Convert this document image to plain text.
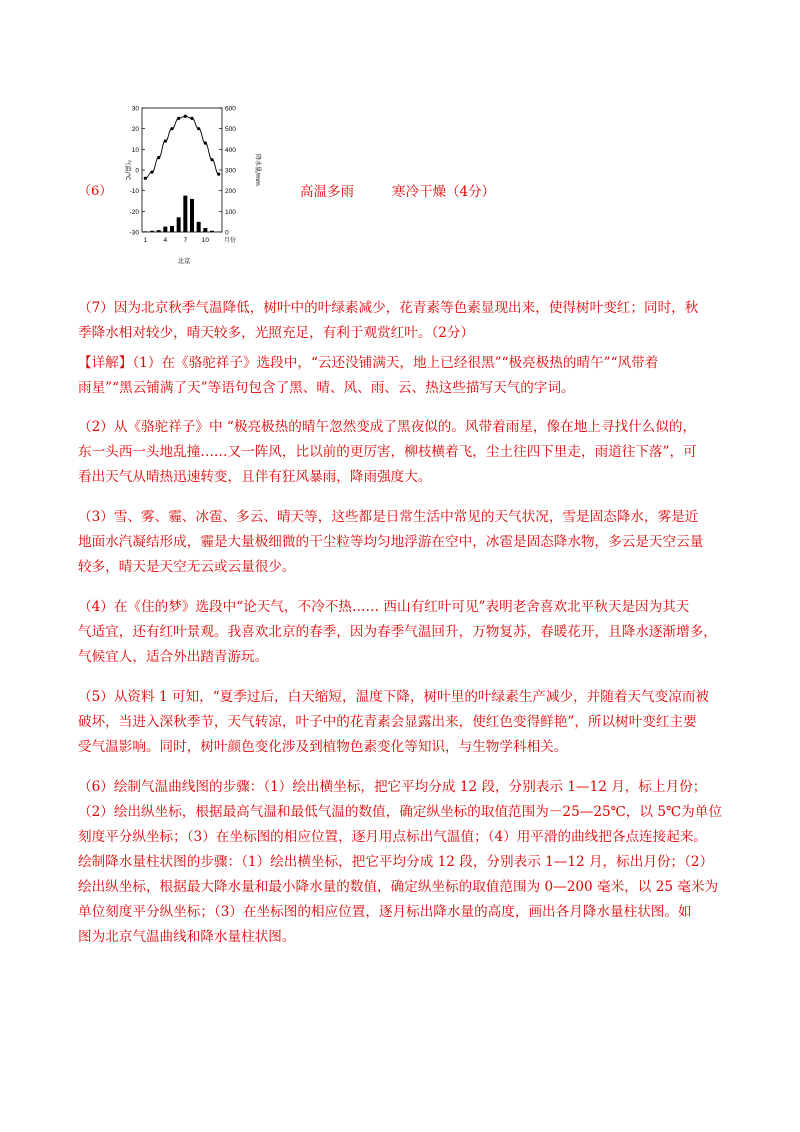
（6）
30
20
10
0
-10
-20
-30
600
500
400
300
200
100
0
气温/℃	降水量/mm
1	4	7 10	月份
北京
高温多雨	寒冷干燥（4分）
（7）因为北京秋季气温降低，树叶中的叶绿素减少，花青素等色素显现出来，使得树叶变红；同时，秋
季降水相对较少，晴天较多，光照充足，有利于观赏红叶。（2分）
【详解】（1）在《骆驼祥子》选段中，“云还没铺满天，地上已经很黑”“极亮极热的晴午”“风带着
雨星”“黑云铺满了天”等语句包含了黑、晴、风、雨、云、热这些描写天气的字词。
（2）从《骆驼祥子》中 “极亮极热的晴午忽然变成了黑夜似的。风带着雨星，像在地上寻找什么似的，
东一头西一头地乱撞……又一阵风，比以前的更厉害，柳枝横着飞，尘土往四下里走，雨道往下落”，可
看出天气从晴热迅速转变，且伴有狂风暴雨，降雨强度大。
（3）雪、雾、霾、冰雹、多云、晴天等，这些都是日常生活中常见的天气状况，雪是固态降水，雾是近
地面水汽凝结形成，霾是大量极细微的干尘粒等均匀地浮游在空中，冰雹是固态降水物，多云是天空云量
较多，晴天是天空无云或云量很少。
（4）在《住的梦》选段中“论天气，不冷不热…… 西山有红叶可见”表明老舍喜欢北平秋天是因为其天
气适宜，还有红叶景观。我喜欢北京的春季，因为春季气温回升，万物复苏，春暖花开，且降水逐渐增多，
气候宜人，适合外出踏青游玩。
（5）从资料 1 可知，“夏季过后，白天缩短，温度下降，树叶里的叶绿素生产减少，并随着天气变凉而被
破坏，当进入深秋季节，天气转凉，叶子中的花青素会显露出来，使红色变得鲜艳”，所以树叶变红主要
受气温影响。同时，树叶颜色变化涉及到植物色素变化等知识，与生物学科相关。
（6）绘制气温曲线图的步骤：（1）绘出横坐标，把它平均分成 12 段，分别表示 1—12 月，标上月份；
（2）绘出纵坐标，根据最高气温和最低气温的数值，确定纵坐标的取值范围为－25—25℃，以 5℃为单位
刻度平分纵坐标；（3）在坐标图的相应位置，逐月用点标出气温值；（4）用平滑的曲线把各点连接起来。
绘制降水量柱状图的步骤：（1）绘出横坐标，把它平均分成 12 段，分别表示 1—12 月，标出月份；（2）
绘出纵坐标，根据最大降水量和最小降水量的数值，确定纵坐标的取值范围为 0—200 毫米，以 25 毫米为
单位刻度平分纵坐标；（3）在坐标图的相应位置，逐月标出降水量的高度，画出各月降水量柱状图。如
图为北京气温曲线和降水量柱状图。
